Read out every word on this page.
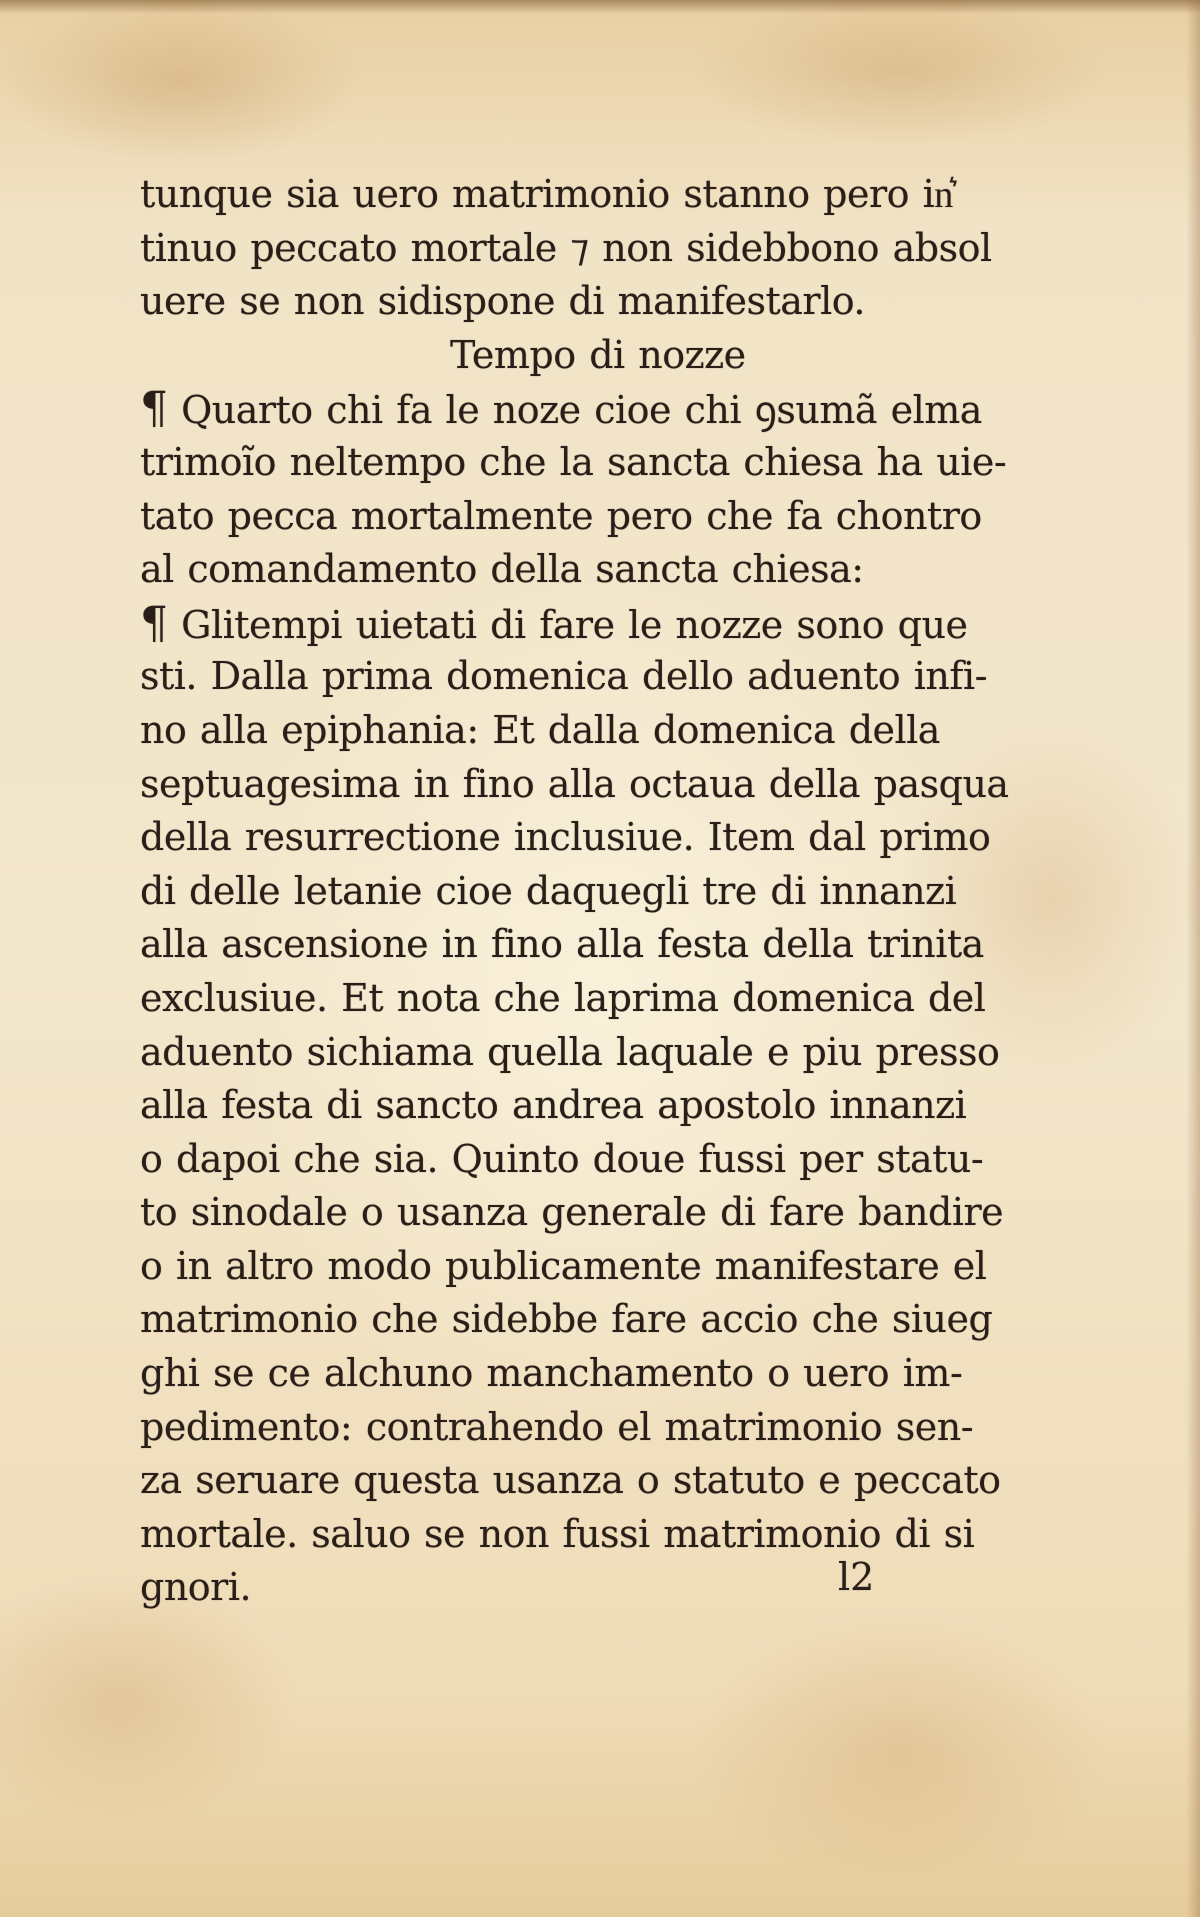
tunque sia uero matrimonio stanno pero in͛
tinuo peccato mortale ⁊ non sidebbono absol
uere se non sidispone di manifestarlo.
Tempo di nozze
¶ Quarto chi fa le noze cioe chi ꝯsumã elma
trimoĩo neltempo che la sancta chiesa ha uie-
tato pecca mortalmente pero che fa chontro
al comandamento della sancta chiesa:
¶ Glitempi uietati di fare le nozze sono que
sti. Dalla prima domenica dello aduento infi-
no alla epiphania: Et dalla domenica della
septuagesima in fino alla octaua della pasqua
della resurrectione inclusiue. Item dal primo
di delle letanie cioe daquegli tre di innanzi
alla ascensione in fino alla festa della trinita
exclusiue. Et nota che laprima domenica del
aduento sichiama quella laquale e piu presso
alla festa di sancto andrea apostolo innanzi
o dapoi che sia. Quinto doue fussi per statu-
to sinodale o usanza generale di fare bandire
o in altro modo publicamente manifestare el
matrimonio che sidebbe fare accio che siueg
ghi se ce alchuno manchamento o uero im-
pedimento: contrahendo el matrimonio sen-
za seruare questa usanza o statuto e peccato
mortale. saluo se non fussi matrimonio di si
gnori.	l2
